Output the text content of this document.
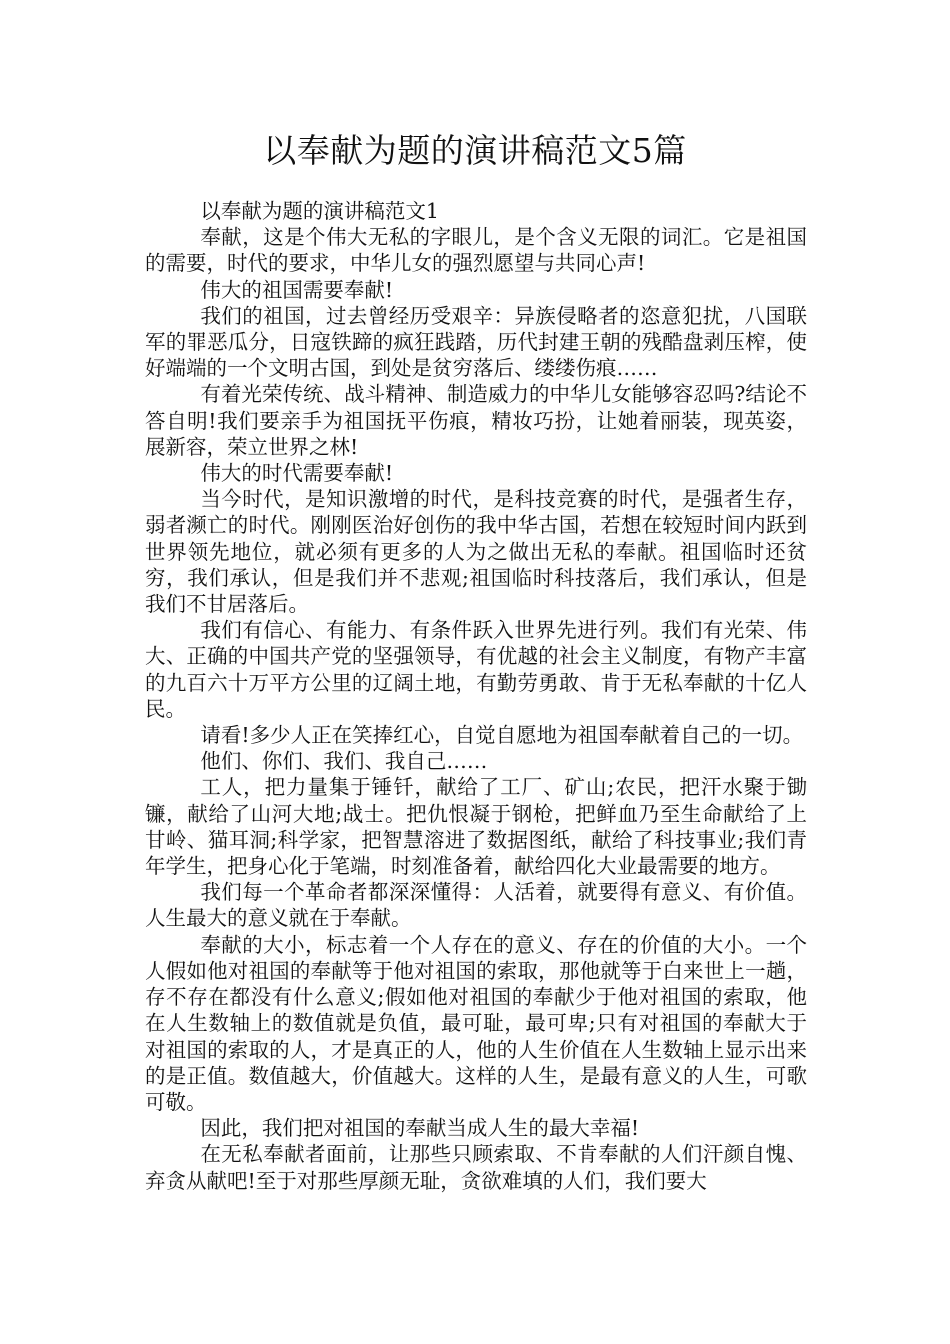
以奉献为题的演讲稿范文5篇

以奉献为题的演讲稿范文1

奉献，这是个伟大无私的字眼儿，是个含义无限的词汇。它是祖国的需要，时代的要求，中华儿女的强烈愿望与共同心声!

伟大的祖国需要奉献!

我们的祖国，过去曾经历受艰辛：异族侵略者的恣意犯扰，八国联军的罪恶瓜分，日寇铁蹄的疯狂践踏，历代封建王朝的残酷盘剥压榨，使好端端的一个文明古国，到处是贫穷落后、缕缕伤痕……

有着光荣传统、战斗精神、制造威力的中华儿女能够容忍吗?结论不答自明!我们要亲手为祖国抚平伤痕，精妆巧扮，让她着丽装，现英姿，展新容，荣立世界之林!

伟大的时代需要奉献!

当今时代，是知识激增的时代，是科技竞赛的时代，是强者生存，弱者濒亡的时代。刚刚医治好创伤的我中华古国，若想在较短时间内跃到世界领先地位，就必须有更多的人为之做出无私的奉献。祖国临时还贫穷，我们承认，但是我们并不悲观;祖国临时科技落后，我们承认，但是我们不甘居落后。

我们有信心、有能力、有条件跃入世界先进行列。我们有光荣、伟大、正确的中国共产党的坚强领导，有优越的社会主义制度，有物产丰富的九百六十万平方公里的辽阔土地，有勤劳勇敢、肯于无私奉献的十亿人民。

请看!多少人正在笑捧红心，自觉自愿地为祖国奉献着自己的一切。

他们、你们、我们、我自己……

工人，把力量集于锤钎，献给了工厂、矿山;农民，把汗水聚于锄镰，献给了山河大地;战士。把仇恨凝于钢枪，把鲜血乃至生命献给了上甘岭、猫耳洞;科学家，把智慧溶进了数据图纸，献给了科技事业;我们青年学生，把身心化于笔端，时刻准备着，献给四化大业最需要的地方。

我们每一个革命者都深深懂得：人活着，就要得有意义、有价值。人生最大的意义就在于奉献。

奉献的大小，标志着一个人存在的意义、存在的价值的大小。一个人假如他对祖国的奉献等于他对祖国的索取，那他就等于白来世上一趟，存不存在都没有什么意义;假如他对祖国的奉献少于他对祖国的索取，他在人生数轴上的数值就是负值，最可耻，最可卑;只有对祖国的奉献大于对祖国的索取的人，才是真正的人，他的人生价值在人生数轴上显示出来的是正值。数值越大，价值越大。这样的人生，是最有意义的人生，可歌可敬。

因此，我们把对祖国的奉献当成人生的最大幸福!

在无私奉献者面前，让那些只顾索取、不肯奉献的人们汗颜自愧、弃贪从献吧!至于对那些厚颜无耻，贪欲难填的人们，我们要大
